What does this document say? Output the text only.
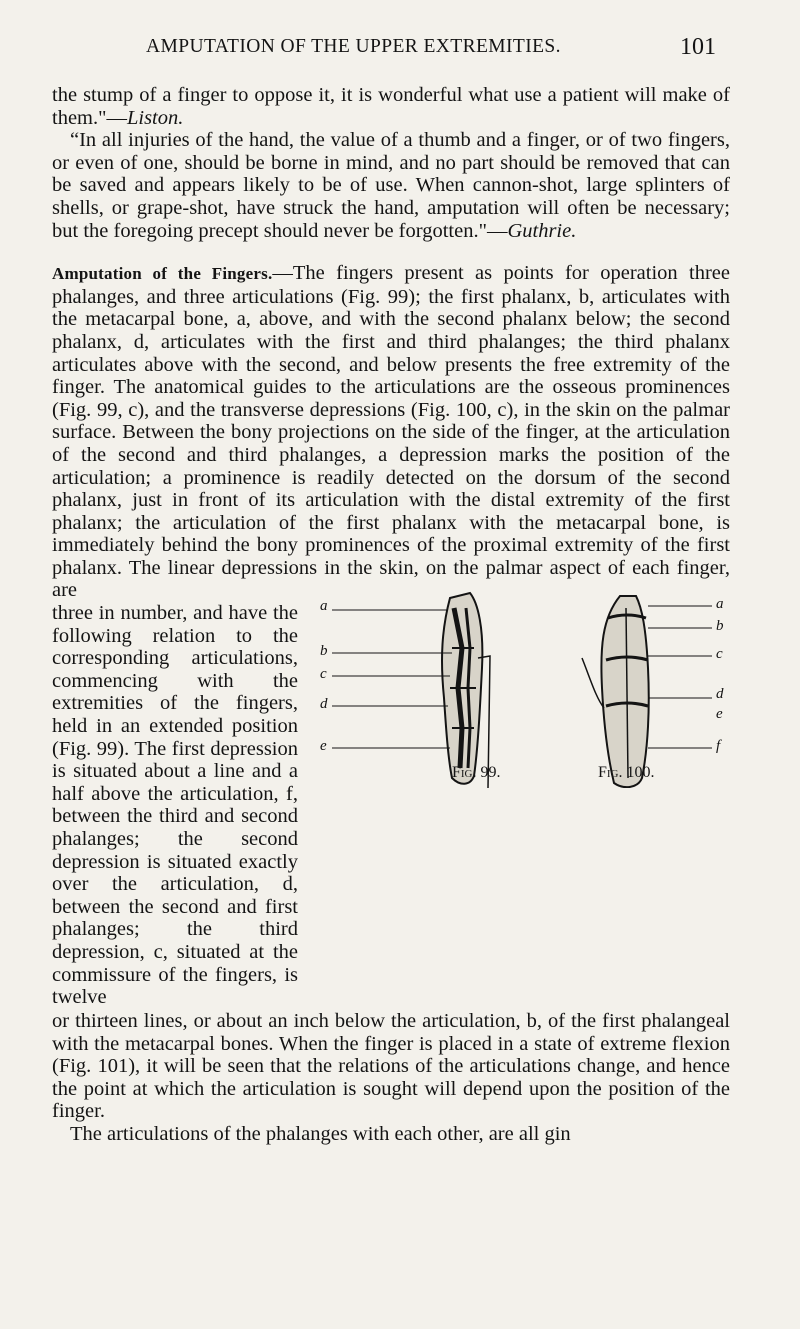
AMPUTATION OF THE UPPER EXTREMITIES.	101

the stump of a finger to oppose it, it is wonderful what use a patient will make of them."—Liston.

“In all injuries of the hand, the value of a thumb and a finger, or of two fingers, or even of one, should be borne in mind, and no part should be removed that can be saved and appears likely to be of use. When cannon-shot, large splinters of shells, or grape-shot, have struck the hand, amputation will often be necessary; but the foregoing precept should never be forgotten."—Guthrie.

Amputation of the Fingers.—The fingers present as points for operation three phalanges, and three articulations (Fig. 99); the first phalanx, b, articulates with the metacarpal bone, a, above, and with the second phalanx below; the second phalanx, d, articulates with the first and third phalanges; the third phalanx articulates above with the second, and below presents the free extremity of the finger. The anatomical guides to the articulations are the osseous prominences (Fig. 99, c), and the transverse depressions (Fig. 100, c), in the skin on the palmar surface. Between the bony projections on the side of the finger, at the articulation of the second and third phalanges, a depression marks the position of the articulation; a prominence is readily detected on the dorsum of the second phalanx, just in front of its articulation with the distal extremity of the first phalanx; the articulation of the first phalanx with the metacarpal bone, is immediately behind the bony prominences of the proximal extremity of the first phalanx. The linear depressions in the skin, on the palmar aspect of each finger, are

three in number, and have the following relation to the corresponding articulations, commencing with the extremities of the fingers, held in an extended position (Fig. 99). The first depression is situated about a line and a half above the articulation, f, between the third and second phalanges; the second depression is situated exactly over the articulation, d, between the second and first phalanges; the third depression, c, situated at the commissure of the fingers, is twelve

a
b
c
d
e
a
b
c
d
e
f
Fig. 99.	Fig. 100.

or thirteen lines, or about an inch below the articulation, b, of the first phalangeal with the metacarpal bones. When the finger is placed in a state of extreme flexion (Fig. 101), it will be seen that the relations of the articulations change, and hence the point at which the articulation is sought will depend upon the position of the finger.

The articulations of the phalanges with each other, are all gin
